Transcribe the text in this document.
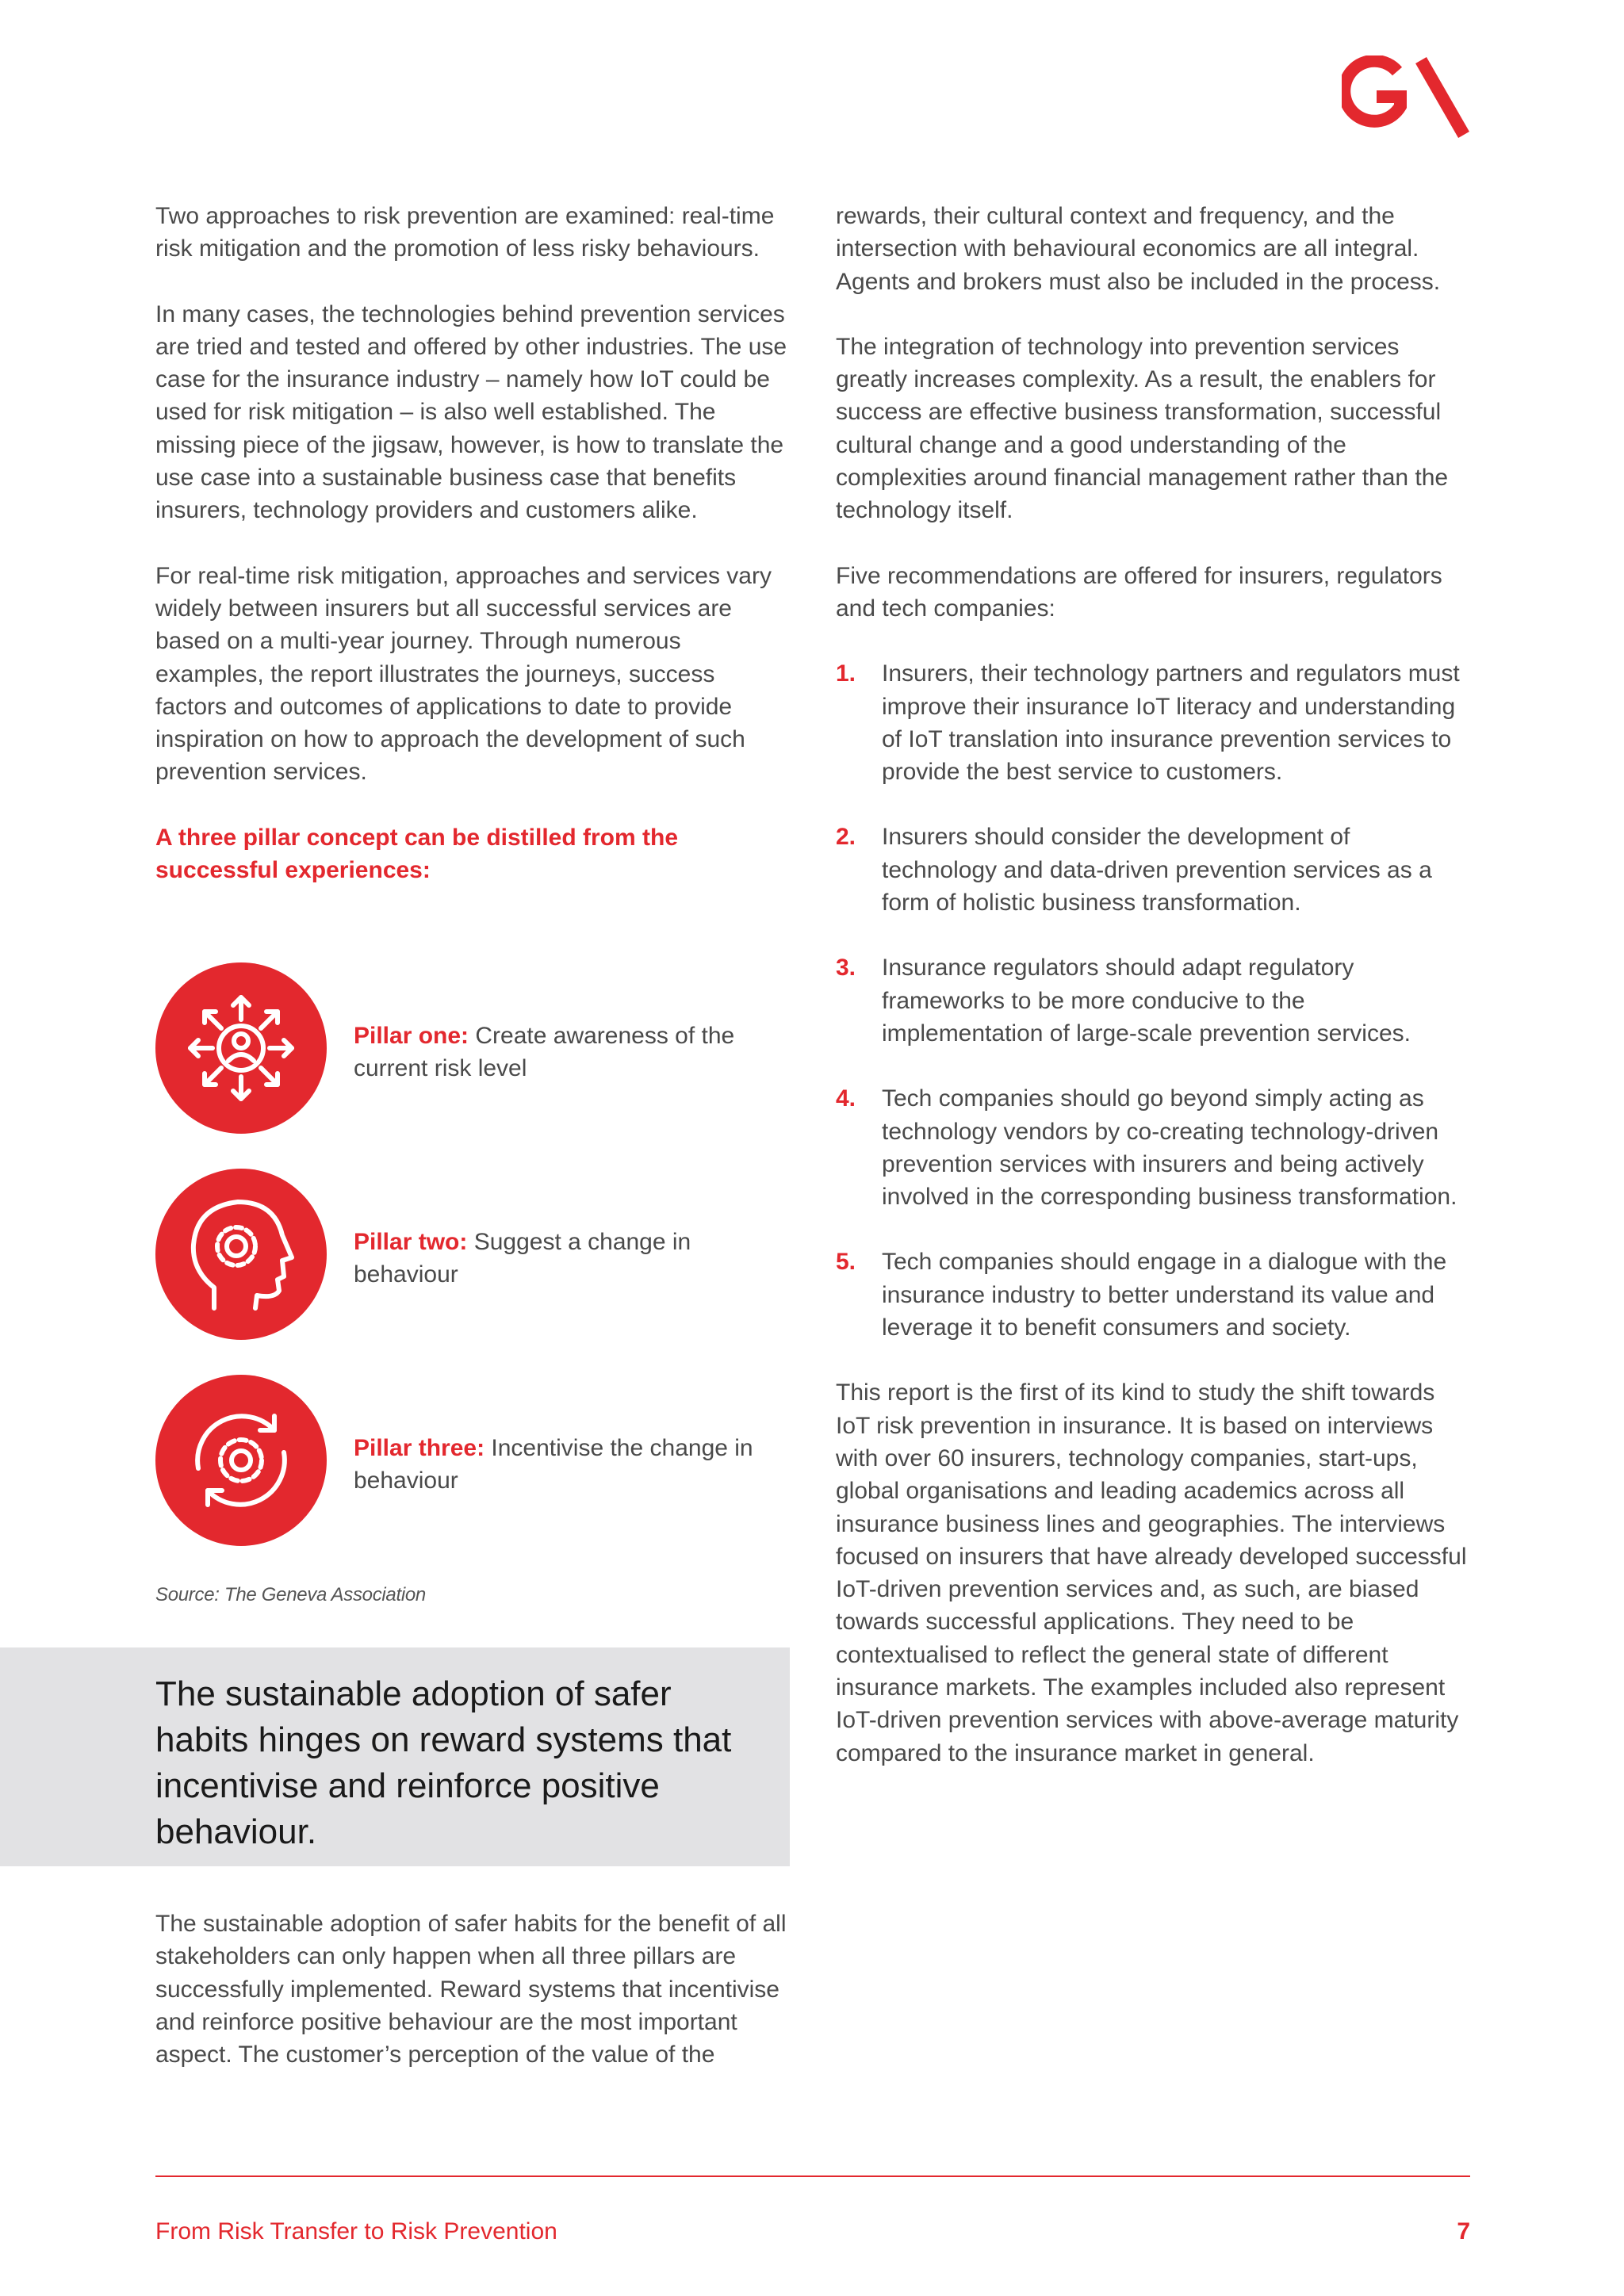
Two approaches to risk prevention are examined: real-time risk mitigation and the promotion of less risky behaviours.

In many cases, the technologies behind prevention services are tried and tested and offered by other industries. The use case for the insurance industry – namely how IoT could be used for risk mitigation – is also well established. The missing piece of the jigsaw, however, is how to translate the use case into a sustainable business case that benefits insurers, technology providers and customers alike.

For real-time risk mitigation, approaches and services vary widely between insurers but all successful services are based on a multi-year journey. Through numerous examples, the report illustrates the journeys, success factors and outcomes of applications to date to provide inspiration on how to approach the development of such prevention services.

A three pillar concept can be distilled from the successful experiences:

Pillar one: Create awareness of the current risk level
Pillar two: Suggest a change in behaviour
Pillar three: Incentivise the change in behaviour
Source: The Geneva Association
The sustainable adoption of safer habits hinges on reward systems that incentivise and reinforce positive behaviour.

The sustainable adoption of safer habits for the benefit of all stakeholders can only happen when all three pillars are successfully implemented. Reward systems that incentivise and reinforce positive behaviour are the most important aspect. The customer’s perception of the value of the

rewards, their cultural context and frequency, and the intersection with behavioural economics are all integral. Agents and brokers must also be included in the process.

The integration of technology into prevention services greatly increases complexity. As a result, the enablers for success are effective business transformation, successful cultural change and a good understanding of the complexities around financial management rather than the technology itself.

Five recommendations are offered for insurers, regulators and tech companies:

1. Insurers, their technology partners and regulators must improve their insurance IoT literacy and understanding of IoT translation into insurance prevention services to provide the best service to customers.
2. Insurers should consider the development of technology and data-driven prevention services as a form of holistic business transformation.
3. Insurance regulators should adapt regulatory frameworks to be more conducive to the implementation of large-scale prevention services.
4. Tech companies should go beyond simply acting as technology vendors by co-creating technology-driven prevention services with insurers and being actively involved in the corresponding business transformation.
5. Tech companies should engage in a dialogue with the insurance industry to better understand its value and leverage it to benefit consumers and society.

This report is the first of its kind to study the shift towards IoT risk prevention in insurance. It is based on interviews with over 60 insurers, technology companies, start-ups, global organisations and leading academics across all insurance business lines and geographies. The interviews focused on insurers that have already developed successful IoT-driven prevention services and, as such, are biased towards successful applications. They need to be contextualised to reflect the general state of different insurance markets. The examples included also represent IoT-driven prevention services with above-average maturity compared to the insurance market in general.

From Risk Transfer to Risk Prevention	7
